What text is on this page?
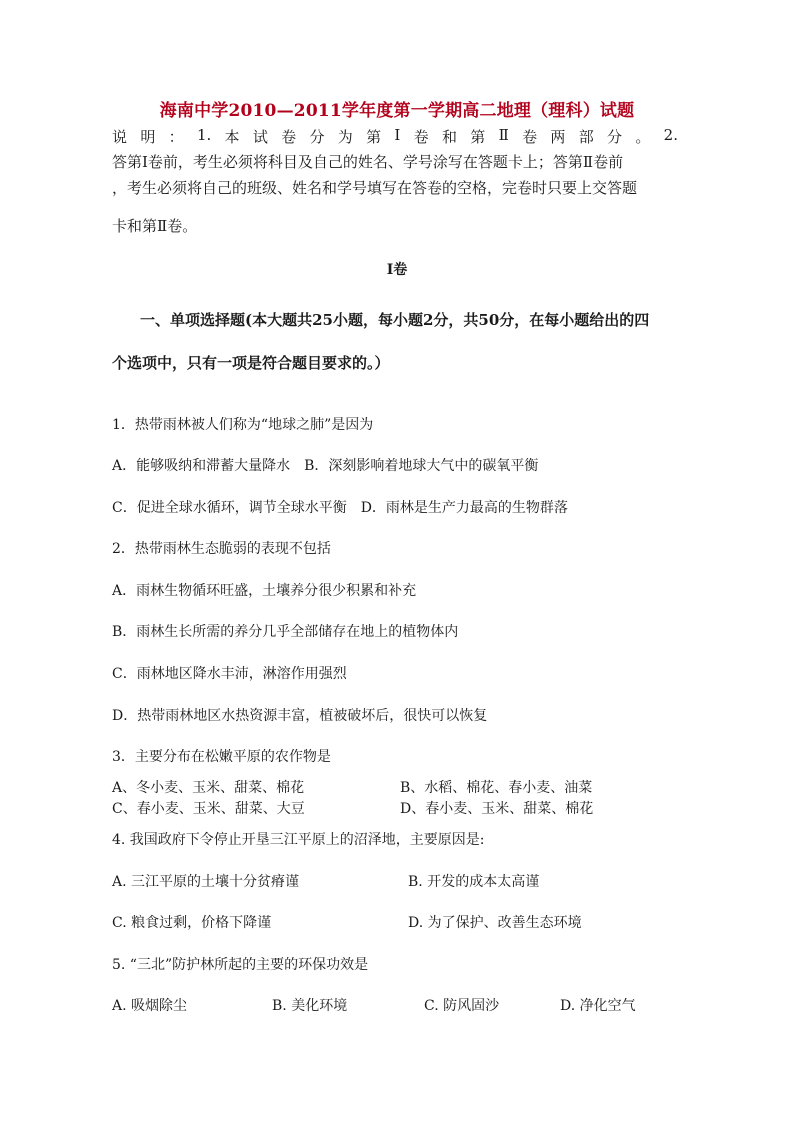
海南中学2010—2011学年度第一学期高二地理（理科）试题
说 明 ： 1. 本 试 卷 分 为 第 Ⅰ 卷 和 第 Ⅱ 卷 两 部 分 。 2.
答第Ⅰ卷前，考生必须将科目及自己的姓名、学号涂写在答题卡上；答第Ⅱ卷前
，考生必须将自己的班级、姓名和学号填写在答卷的空格，完卷时只要上交答题
卡和第Ⅱ卷。
Ⅰ卷
一、单项选择题(本大题共25小题，每小题2分，共50分，在每小题给出的四
个选项中，只有一项是符合题目要求的。）
1．热带雨林被人们称为“地球之肺”是因为
A．能够吸纳和滞蓄大量降水　B．深刻影响着地球大气中的碳氧平衡
C．促进全球水循环，调节全球水平衡　D．雨林是生产力最高的生物群落
2．热带雨林生态脆弱的表现不包括
A．雨林生物循环旺盛，土壤养分很少积累和补充
B．雨林生长所需的养分几乎全部储存在地上的植物体内
C．雨林地区降水丰沛，淋溶作用强烈
D．热带雨林地区水热资源丰富，植被破坏后，很快可以恢复
3．主要分布在松嫩平原的农作物是
A、冬小麦、玉米、甜菜、棉花	B、水稻、棉花、春小麦、油菜
C、春小麦、玉米、甜菜、大豆	D、春小麦、玉米、甜菜、棉花
4. 我国政府下令停止开垦三江平原上的沼泽地，主要原因是:
A. 三江平原的土壤十分贫瘠谨	B. 开发的成本太高谨
C. 粮食过剩，价格下降谨	D. 为了保护、改善生态环境
5. “三北”防护林所起的主要的环保功效是
A. 吸烟除尘	B. 美化环境	C. 防风固沙	D. 净化空气
